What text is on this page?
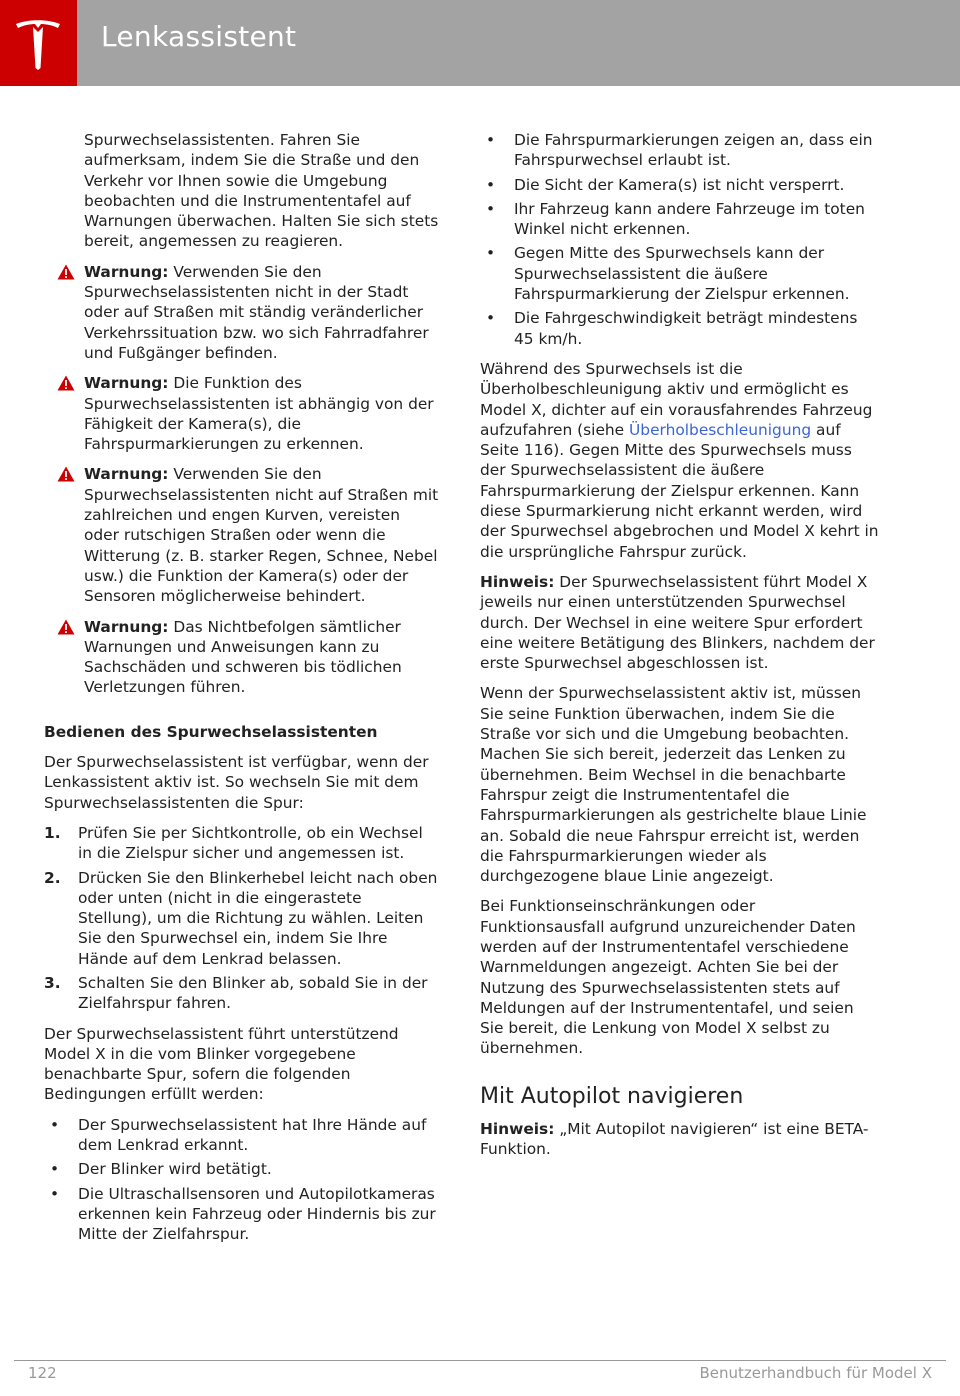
Lenkassistent

Spurwechselassistenten. Fahren Sie aufmerksam, indem Sie die Straße und den Verkehr vor Ihnen sowie die Umgebung beobachten und die Instrumententafel auf Warnungen überwachen. Halten Sie sich stets bereit, angemessen zu reagieren.

Warnung: Verwenden Sie den Spurwechselassistenten nicht in der Stadt oder auf Straßen mit ständig veränderlicher Verkehrssituation bzw. wo sich Fahrradfahrer und Fußgänger befinden.
Warnung: Die Funktion des Spurwechselassistenten ist abhängig von der Fähigkeit der Kamera(s), die Fahrspurmarkierungen zu erkennen.
Warnung: Verwenden Sie den Spurwechselassistenten nicht auf Straßen mit zahlreichen und engen Kurven, vereisten oder rutschigen Straßen oder wenn die Witterung (z. B. starker Regen, Schnee, Nebel usw.) die Funktion der Kamera(s) oder der Sensoren möglicherweise behindert.
Warnung: Das Nichtbefolgen sämtlicher Warnungen und Anweisungen kann zu Sachschäden und schweren bis tödlichen Verletzungen führen.
Bedienen des Spurwechselassistenten

Der Spurwechselassistent ist verfügbar, wenn der Lenkassistent aktiv ist. So wechseln Sie mit dem Spurwechselassistenten die Spur:

1. Prüfen Sie per Sichtkontrolle, ob ein Wechsel in die Zielspur sicher und angemessen ist.
2. Drücken Sie den Blinkerhebel leicht nach oben oder unten (nicht in die eingerastete Stellung), um die Richtung zu wählen. Leiten Sie den Spurwechsel ein, indem Sie Ihre Hände auf dem Lenkrad belassen.
3. Schalten Sie den Blinker ab, sobald Sie in der Zielfahrspur fahren.

Der Spurwechselassistent führt unterstützend Model X in die vom Blinker vorgegebene benachbarte Spur, sofern die folgenden Bedingungen erfüllt werden:

• Der Spurwechselassistent hat Ihre Hände auf dem Lenkrad erkannt.
• Der Blinker wird betätigt.
• Die Ultraschallsensoren und Autopilotkameras erkennen kein Fahrzeug oder Hindernis bis zur Mitte der Zielfahrspur.
• Die Fahrspurmarkierungen zeigen an, dass ein Fahrspurwechsel erlaubt ist.
• Die Sicht der Kamera(s) ist nicht versperrt.
• Ihr Fahrzeug kann andere Fahrzeuge im toten Winkel nicht erkennen.
• Gegen Mitte des Spurwechsels kann der Spurwechselassistent die äußere Fahrspurmarkierung der Zielspur erkennen.
• Die Fahrgeschwindigkeit beträgt mindestens 45 km/h.

Während des Spurwechsels ist die Überholbeschleunigung aktiv und ermöglicht es Model X, dichter auf ein vorausfahrendes Fahrzeug aufzufahren (siehe Überholbeschleunigung auf Seite 116). Gegen Mitte des Spurwechsels muss der Spurwechselassistent die äußere Fahrspurmarkierung der Zielspur erkennen. Kann diese Spurmarkierung nicht erkannt werden, wird der Spurwechsel abgebrochen und Model X kehrt in die ursprüngliche Fahrspur zurück.

Hinweis: Der Spurwechselassistent führt Model X jeweils nur einen unterstützenden Spurwechsel durch. Der Wechsel in eine weitere Spur erfordert eine weitere Betätigung des Blinkers, nachdem der erste Spurwechsel abgeschlossen ist.

Wenn der Spurwechselassistent aktiv ist, müssen Sie seine Funktion überwachen, indem Sie die Straße vor sich und die Umgebung beobachten. Machen Sie sich bereit, jederzeit das Lenken zu übernehmen. Beim Wechsel in die benachbarte Fahrspur zeigt die Instrumententafel die Fahrspurmarkierungen als gestrichelte blaue Linie an. Sobald die neue Fahrspur erreicht ist, werden die Fahrspurmarkierungen wieder als durchgezogene blaue Linie angezeigt.

Bei Funktionseinschränkungen oder Funktionsausfall aufgrund unzureichender Daten werden auf der Instrumententafel verschiedene Warnmeldungen angezeigt. Achten Sie bei der Nutzung des Spurwechselassistenten stets auf Meldungen auf der Instrumententafel, und seien Sie bereit, die Lenkung von Model X selbst zu übernehmen.

Mit Autopilot navigieren

Hinweis: „Mit Autopilot navigieren“ ist eine BETA-Funktion.

122	Benutzerhandbuch für Model X
